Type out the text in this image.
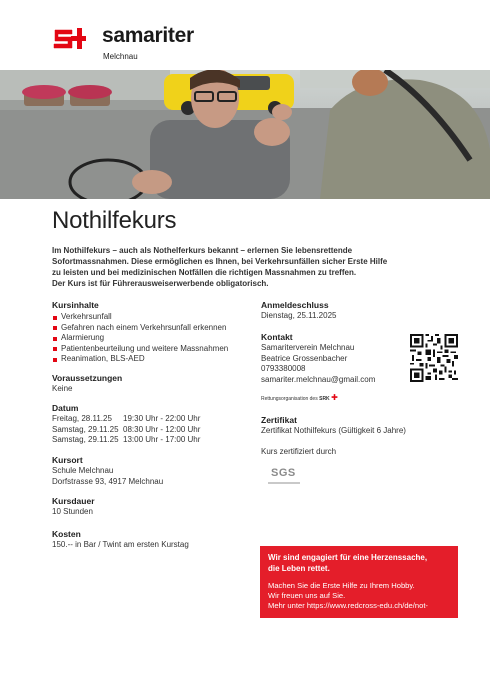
samariter
Melchnau
Nothilfekurs

Im Nothilfekurs – auch als Nothelferkurs bekannt – erlernen Sie lebensrettende

Sofortmassnahmen. Diese ermöglichen es Ihnen, bei Verkehrsunfällen sicher Erste Hilfe

zu leisten und bei medizinischen Notfällen die richtigen Massnahmen zu treffen.

Der Kurs ist für Führerausweiserwerbende obligatorisch.

Kursinhalte

Verkehrsunfall
Gefahren nach einem Verkehrsunfall erkennen
Alarmierung
Patientenbeurteilung und weitere Massnahmen
Reanimation, BLS-AED

Voraussetzungen

Keine

Datum

Freitag, 28.11.25	19:30 Uhr - 22:00 Uhr
Samstag, 29.11.25 08:30 Uhr - 12:00 Uhr
Samstag, 29.11.25 13:00 Uhr - 17:00 Uhr

Kursort

Schule Melchnau

Dorfstrasse 93, 4917 Melchnau

Kursdauer

10 Stunden

Kosten

150.-- in Bar / Twint am ersten Kurstag

Anmeldeschluss

Dienstag, 25.11.2025

Kontakt

Samariterverein Melchnau

Beatrice Grossenbacher

0793380008

samariter.melchnau@gmail.com

Rettungsorganisation des SRK ✚

Zertifikat

Zertifikat Nothilfekurs (Gültigkeit 6 Jahre)

Kurs zertifiziert durch

SGS

Wir sind engagiert für eine Herzenssache,
die Leben rettet.

Machen Sie die Erste Hilfe zu Ihrem Hobby.

Wir freuen uns auf Sie.

Mehr unter https://www.redcross-edu.ch/de/not-
